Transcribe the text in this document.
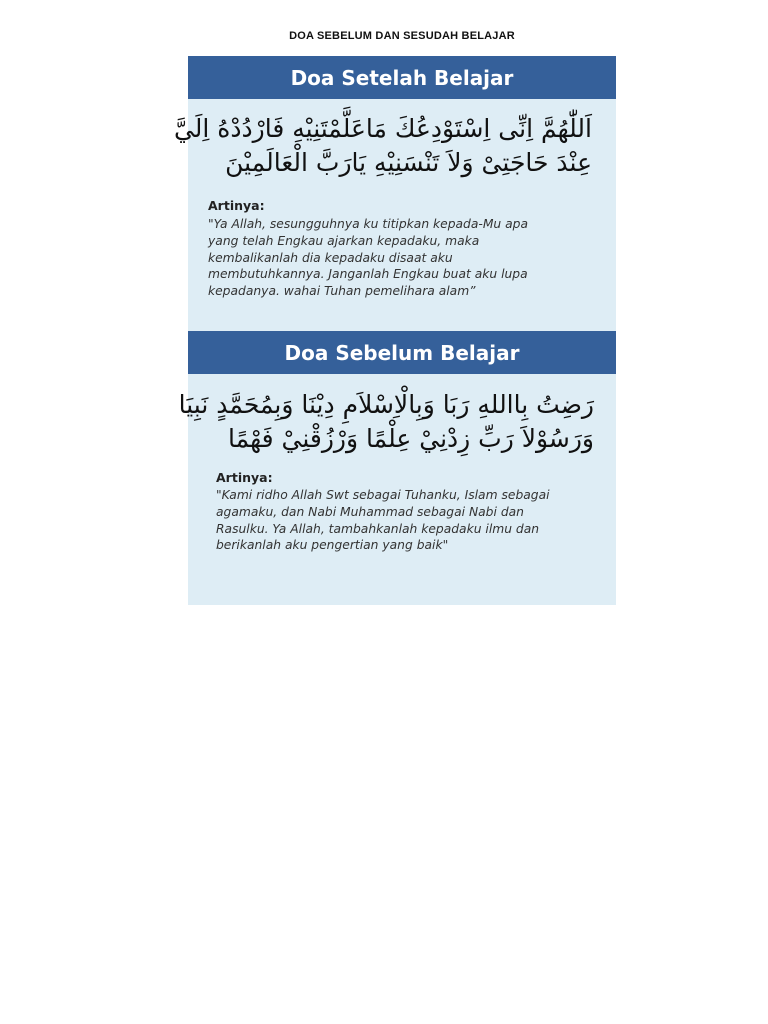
DOA SEBELUM DAN SESUDAH BELAJAR
Doa Setelah Belajar
اَللّٰهُمَّ اِنِّى اِسْتَوْدِعُكَ مَاعَلَّمْتَنِيْهِ فَارْدُدْهُ اِلَيَّ
عِنْدَ حَاجَتِىْ وَلاَ تَنْسَنِيْهِ يَارَبَّ الْعَالَمِيْنَ
Artinya:
"Ya Allah, sesungguhnya ku titipkan kepada-Mu apa
yang telah Engkau ajarkan kepadaku, maka
kembalikanlah dia kepadaku disaat aku
membutuhkannya. Janganlah Engkau buat aku lupa
kepadanya. wahai Tuhan pemelihara alam”
Doa Sebelum Belajar
رَضِتُ بِااللهِ رَبَا وَبِالْاِسْلاَمِ دِيْنَا وَبِمُحَمَّدٍ نَبِيَا
وَرَسُوْلاَ رَبِّ زِدْنِيْ عِلْمًا وَرْزُقْنِيْ فَهْمًا
Artinya:
"Kami ridho Allah Swt sebagai Tuhanku, Islam sebagai
agamaku, dan Nabi Muhammad sebagai Nabi dan
Rasulku. Ya Allah, tambahkanlah kepadaku ilmu dan
berikanlah aku pengertian yang baik"
